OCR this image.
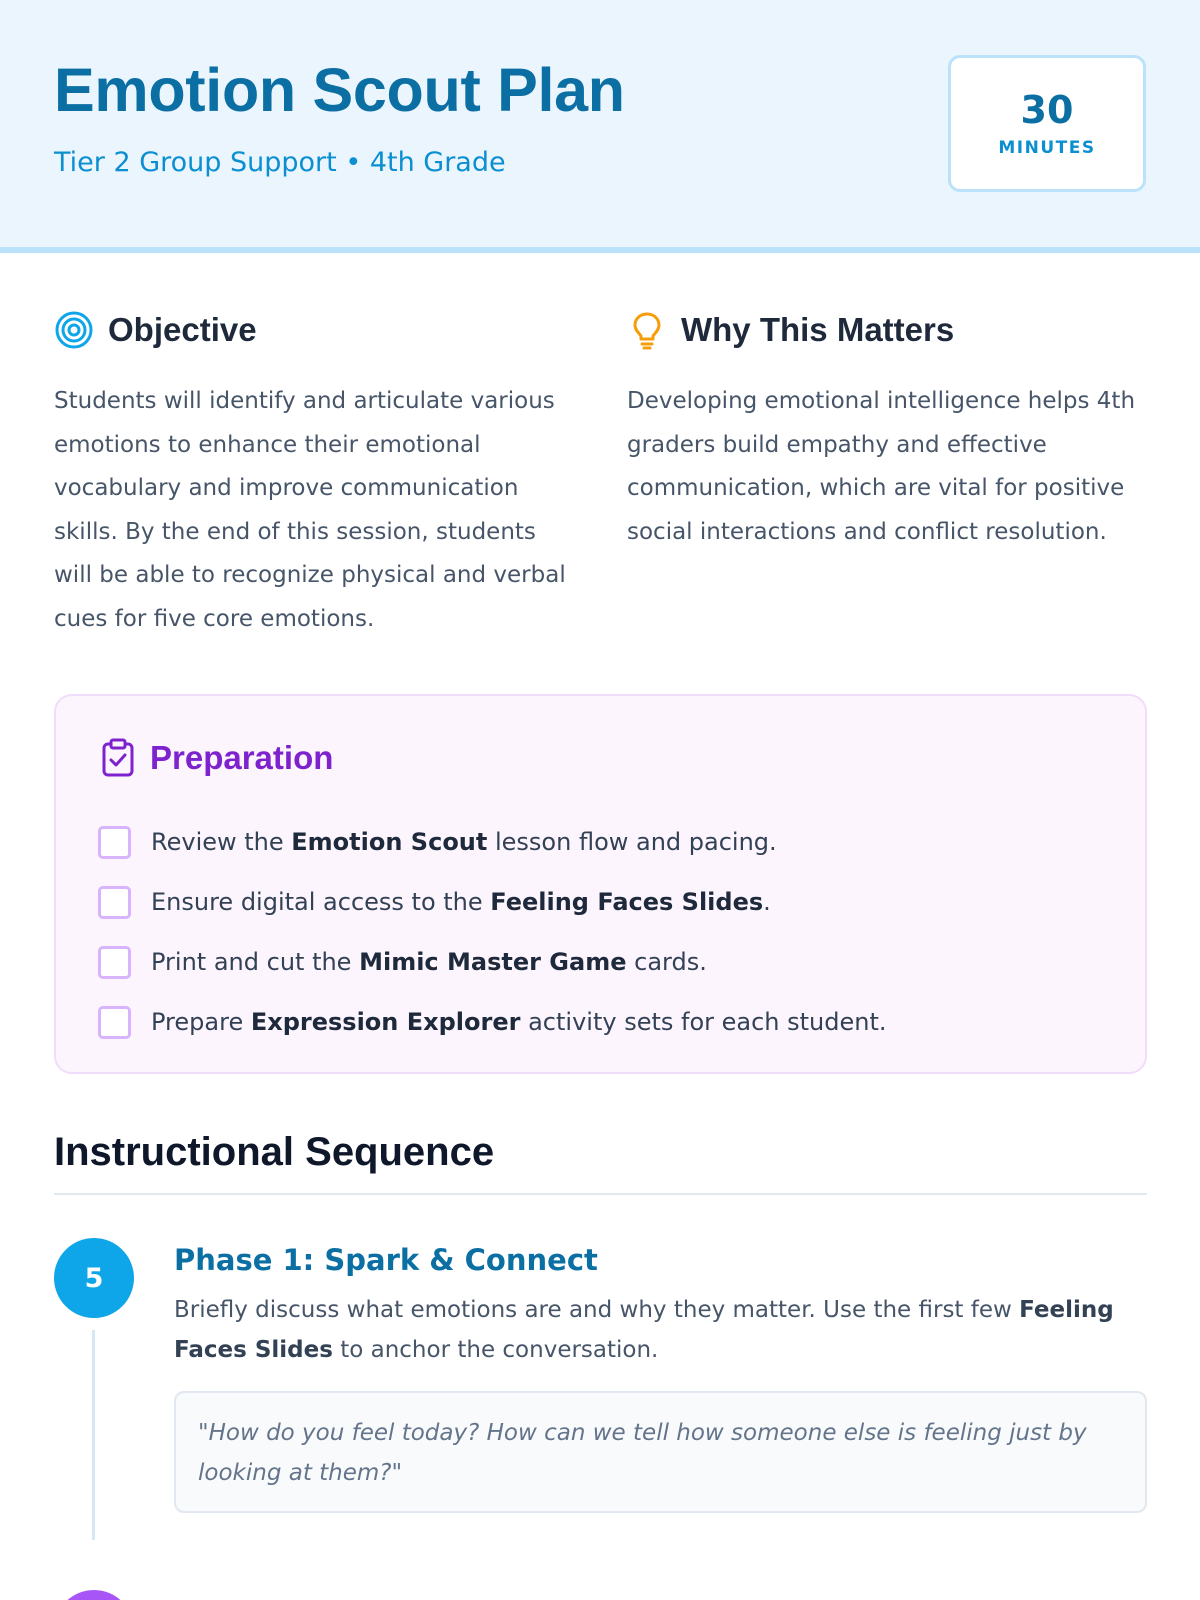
Emotion Scout Plan
Tier 2 Group Support • 4th Grade
30
MINUTES
Objective

Students will identify and articulate various emotions to enhance their emotional vocabulary and improve communication skills. By the end of this session, students will be able to recognize physical and verbal cues for five core emotions.

Why This Matters

Developing emotional intelligence helps 4th graders build empathy and effective communication, which are vital for positive social interactions and conflict resolution.

Preparation
Review the Emotion Scout lesson flow and pacing.
Ensure digital access to the Feeling Faces Slides.
Print and cut the Mimic Master Game cards.
Prepare Expression Explorer activity sets for each student.
Instructional Sequence
5
Phase 1: Spark & Connect

Briefly discuss what emotions are and why they matter. Use the first few Feeling Faces Slides to anchor the conversation.

"How do you feel today? How can we tell how someone else is feeling just by looking at them?"
